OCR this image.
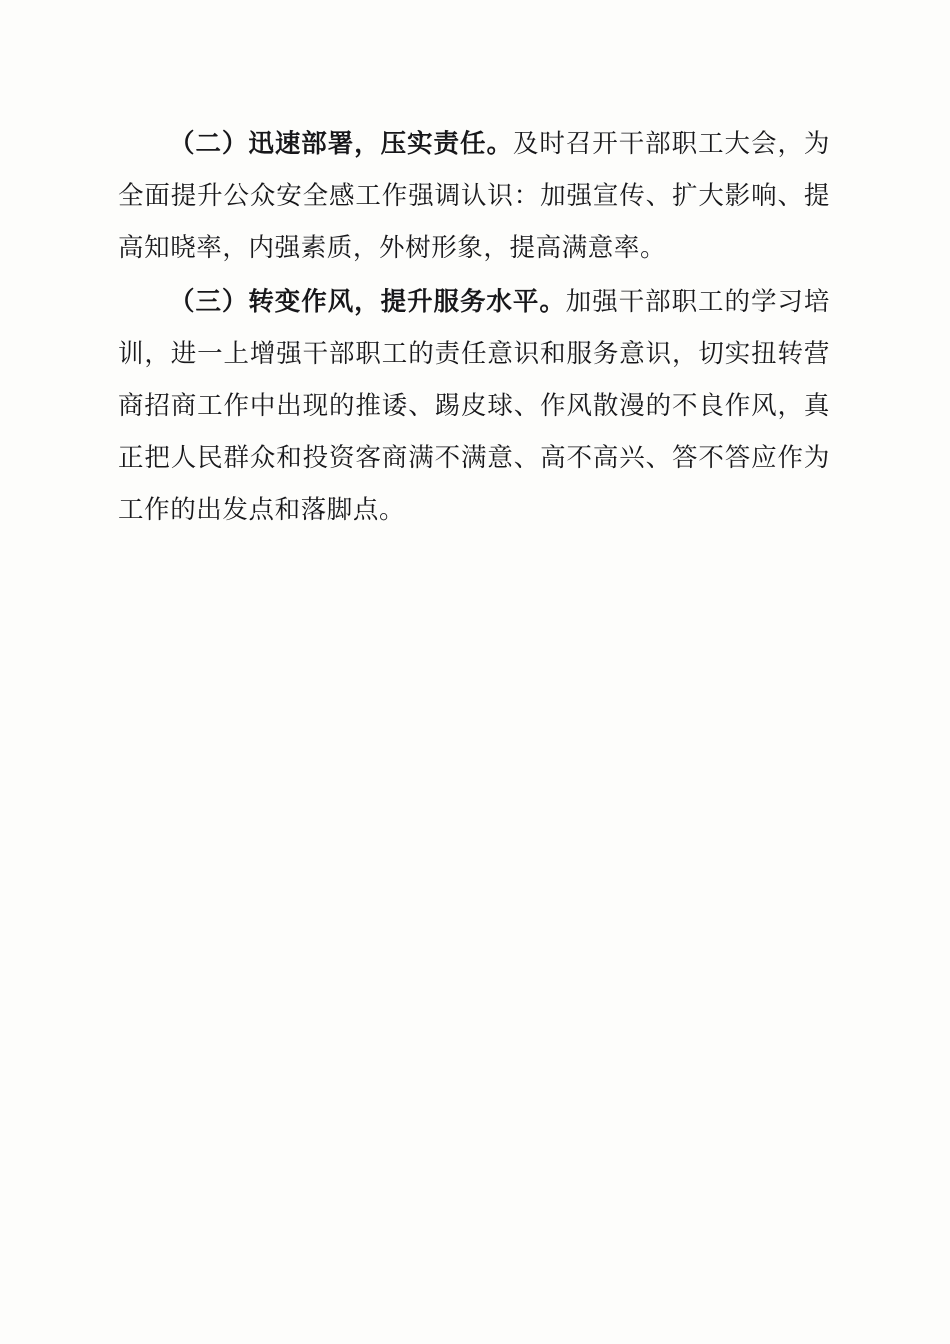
（二）迅速部署，压实责任。及时召开干部职工大会，为全面提升公众安全感工作强调认识：加强宣传、扩大影响、提高知晓率，内强素质，外树形象，提高满意率。

（三）转变作风，提升服务水平。加强干部职工的学习培训，进一上增强干部职工的责任意识和服务意识，切实扭转营商招商工作中出现的推诿、踢皮球、作风散漫的不良作风，真正把人民群众和投资客商满不满意、高不高兴、答不答应作为工作的出发点和落脚点。
